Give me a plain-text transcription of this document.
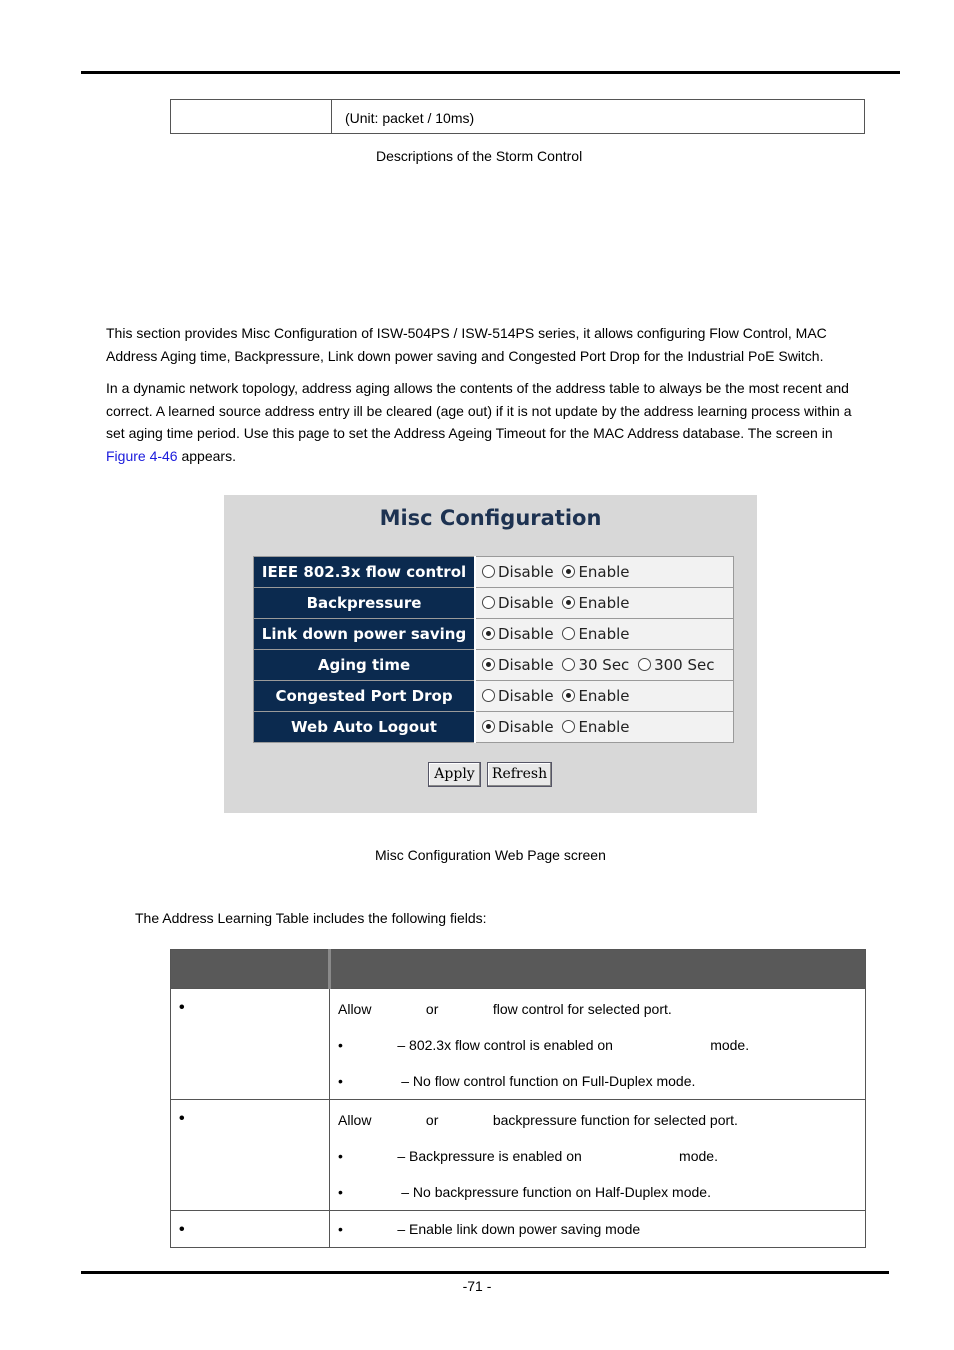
	(Unit: packet / 10ms)
Descriptions of the Storm Control
This section provides Misc Configuration of ISW-504PS / ISW-514PS series, it allows configuring Flow Control, MAC
Address Aging time, Backpressure, Link down power saving and Congested Port Drop for the Industrial PoE Switch.
In a dynamic network topology, address aging allows the contents of the address table to always be the most recent and
correct. A learned source address entry ill be cleared (age out) if it is not update by the address learning process within a
set aging time period. Use this page to set the Address Ageing Timeout for the MAC Address database. The screen in
Figure 4-46 appears.
Misc Configuration
IEEE 802.3x flow control	Disable Enable
Backpressure	Disable Enable
Link down power saving	Disable Enable
Aging time	Disable 30 Sec 300 Sec
Congested Port Drop	Disable Enable
Web Auto Logout	Disable Enable
Apply	Refresh
Misc Configuration Web Page screen
The Address Learning Table includes the following fields:

•	Allow              or              flow control for selected port.
•              – 802.3x flow control is enabled on                         mode.
•               – No flow control function on Full-Duplex mode.

•	Allow              or              backpressure function for selected port.
•              – Backpressure is enabled on                         mode.
•               – No backpressure function on Half-Duplex mode.

•	•              – Enable link down power saving mode
-71 -
